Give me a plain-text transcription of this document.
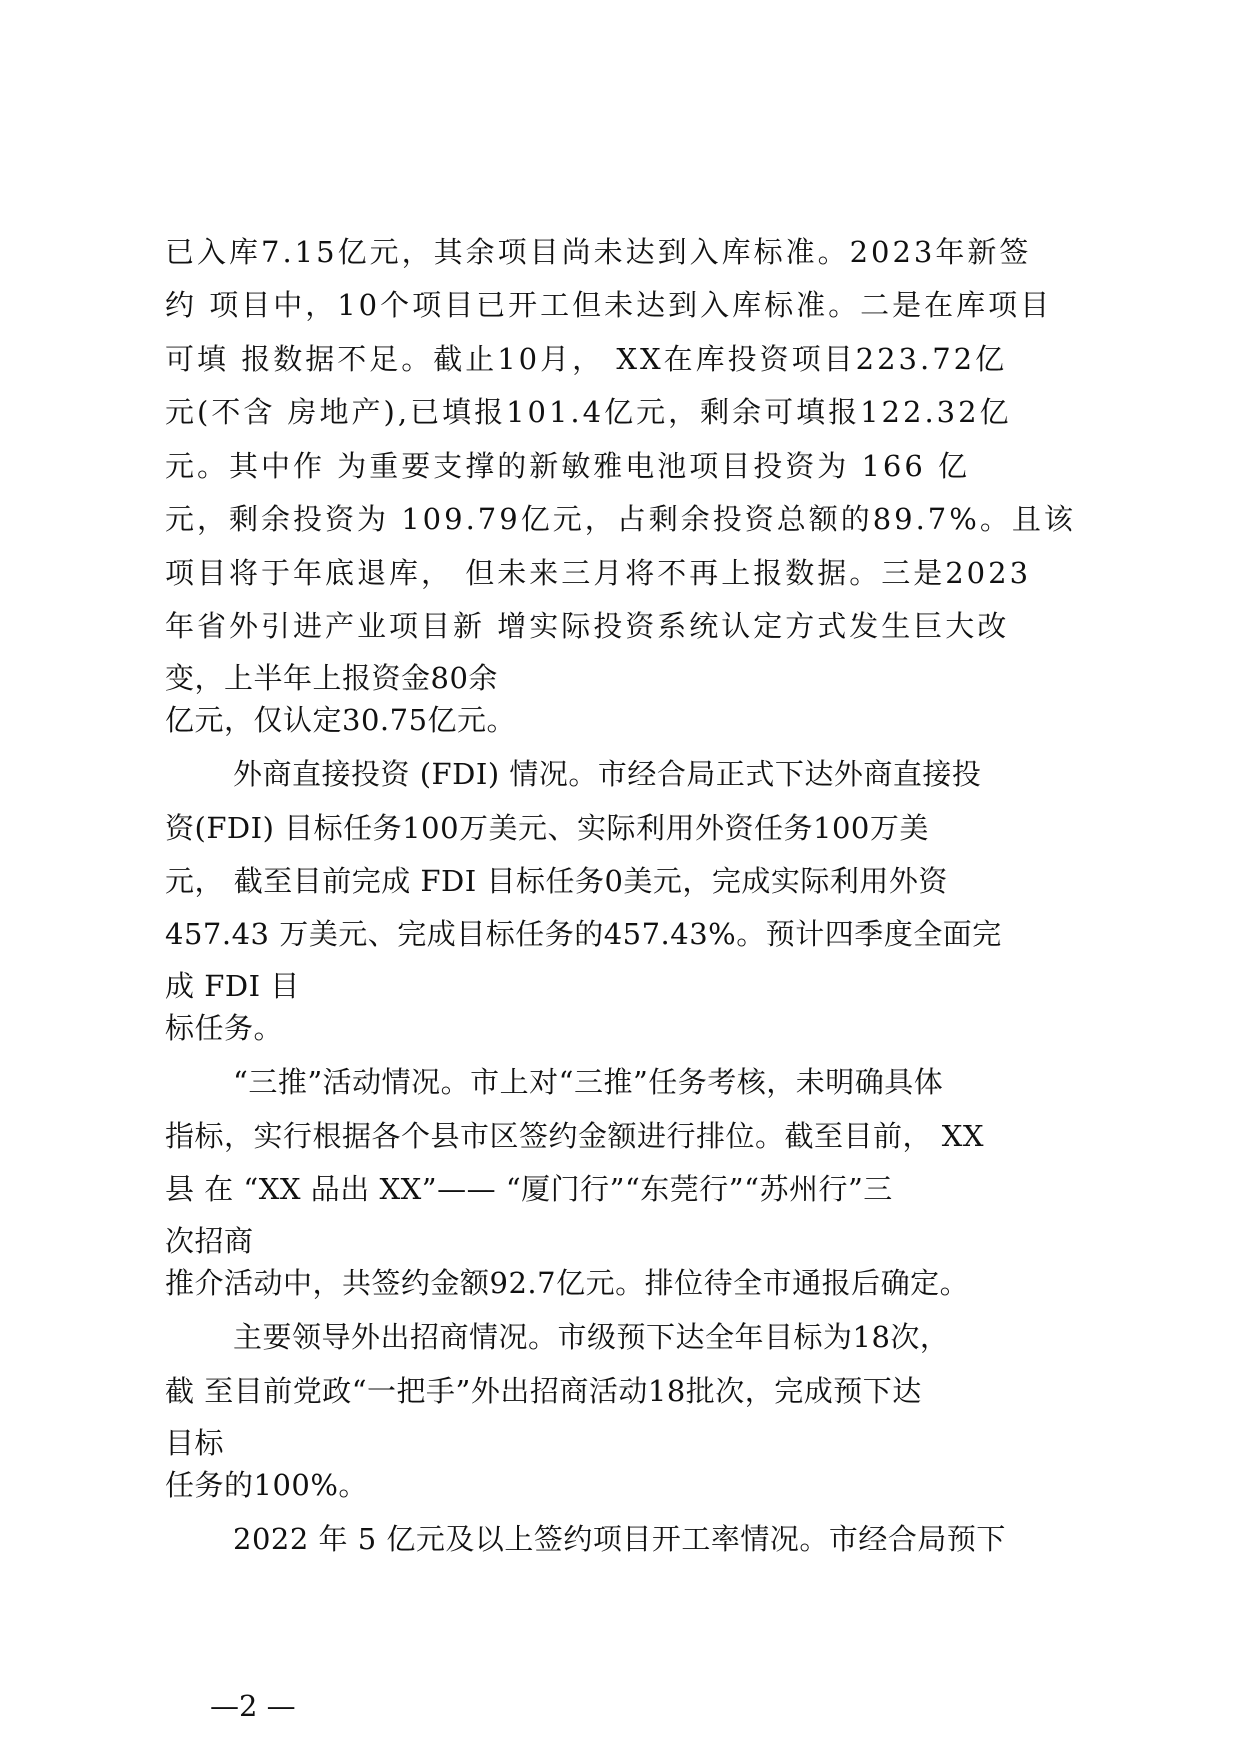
已入库7.15亿元，其余项目尚未达到入库标准。2023年新签
约 项目中，10个项目已开工但未达到入库标准。二是在库项目
可填 报数据不足。截止10月， XX在库投资项目223.72亿
元(不含 房地产),已填报101.4亿元，剩余可填报122.32亿
元。其中作 为重要支撑的新敏雅电池项目投资为 166 亿
元，剩余投资为 109.79亿元，占剩余投资总额的89.7%。且该
项目将于年底退库， 但未来三月将不再上报数据。三是2023
年省外引进产业项目新 增实际投资系统认定方式发生巨大改
变，上半年上报资金80余
亿元，仅认定30.75亿元。
外商直接投资 (FDI) 情况。市经合局正式下达外商直接投
资(FDI) 目标任务100万美元、实际利用外资任务100万美
元， 截至目前完成 FDI 目标任务0美元，完成实际利用外资
457.43 万美元、完成目标任务的457.43%。预计四季度全面完
成 FDI 目
标任务。
“三推”活动情况。市上对“三推”任务考核，未明确具体
指标，实行根据各个县市区签约金额进行排位。截至目前， XX
县 在 “XX 品出 XX”—— “厦门行”“东莞行”“苏州行”三
次招商
推介活动中，共签约金额92.7亿元。排位待全市通报后确定。
主要领导外出招商情况。市级预下达全年目标为18次，
截 至目前党政“一把手”外出招商活动18批次，完成预下达
目标
任务的100%。
2022 年 5 亿元及以上签约项目开工率情况。市经合局预下
—2 —
